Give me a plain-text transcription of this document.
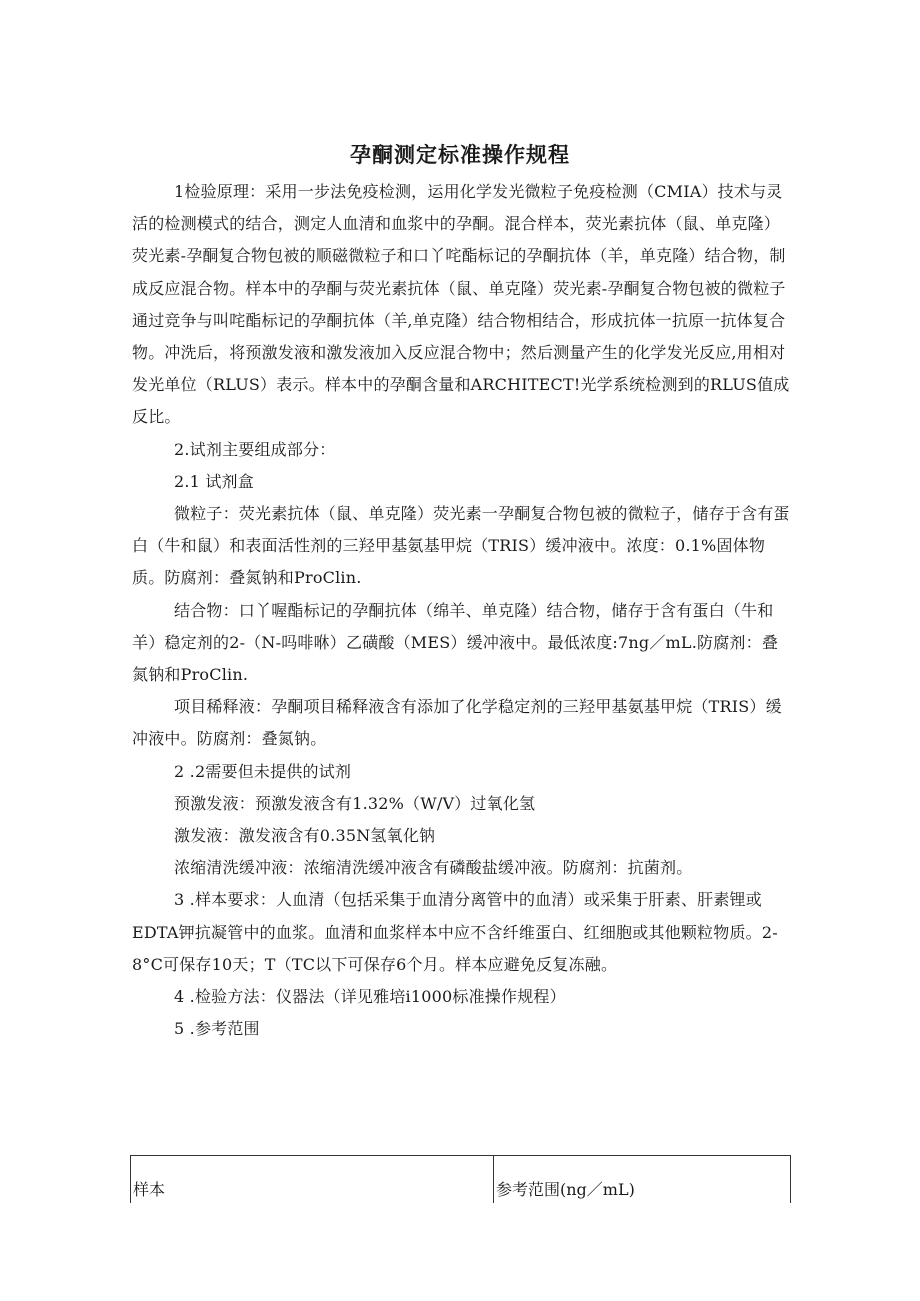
孕酮测定标准操作规程

1检验原理：采用一步法免疫检测，运用化学发光微粒子免疫检测（CMIA）技术与灵活的检测模式的结合，测定人血清和血浆中的孕酮。混合样本，荧光素抗体（鼠、单克隆）荧光素-孕酮复合物包被的顺磁微粒子和口丫咤酯标记的孕酮抗体（羊，单克隆）结合物，制成反应混合物。样本中的孕酮与荧光素抗体（鼠、单克隆）荧光素-孕酮复合物包被的微粒子通过竞争与叫咤酯标记的孕酮抗体（羊,单克隆）结合物相结合，形成抗体一抗原一抗体复合物。冲洗后，将预激发液和激发液加入反应混合物中；然后测量产生的化学发光反应,用相对发光单位（RLUS）表示。样本中的孕酮含量和ARCHITECT!光学系统检测到的RLUS值成反比。

2.试剂主要组成部分：

2.1 试剂盒

微粒子：荧光素抗体（鼠、单克隆）荧光素一孕酮复合物包被的微粒子，储存于含有蛋白（牛和鼠）和表面活性剂的三羟甲基氨基甲烷（TRIS）缓冲液中。浓度：0.1%固体物质。防腐剂：叠氮钠和ProClin.

结合物：口丫喔酯标记的孕酮抗体（绵羊、单克隆）结合物，储存于含有蛋白（牛和羊）稳定剂的2-（N-吗啡咻）乙磺酸（MES）缓冲液中。最低浓度:7ng／mL.防腐剂：叠氮钠和ProClin.

项目稀释液：孕酮项目稀释液含有添加了化学稳定剂的三羟甲基氨基甲烷（TRIS）缓冲液中。防腐剂：叠氮钠。

2 .2需要但未提供的试剂

预激发液：预激发液含有1.32%（W/V）过氧化氢

激发液：激发液含有0.35N氢氧化钠

浓缩清洗缓冲液：浓缩清洗缓冲液含有磷酸盐缓冲液。防腐剂：抗菌剂。

3 .样本要求：人血清（包括采集于血清分离管中的血清）或采集于肝素、肝素锂或EDTA钾抗凝管中的血浆。血清和血浆样本中应不含纤维蛋白、红细胞或其他颗粒物质。2-8°C可保存10天；T（TC以下可保存6个月。样本应避免反复冻融。

4 .检验方法：仪器法（详见雅培i1000标准操作规程）

5 .参考范围

样本	参考范围(ng／mL)
